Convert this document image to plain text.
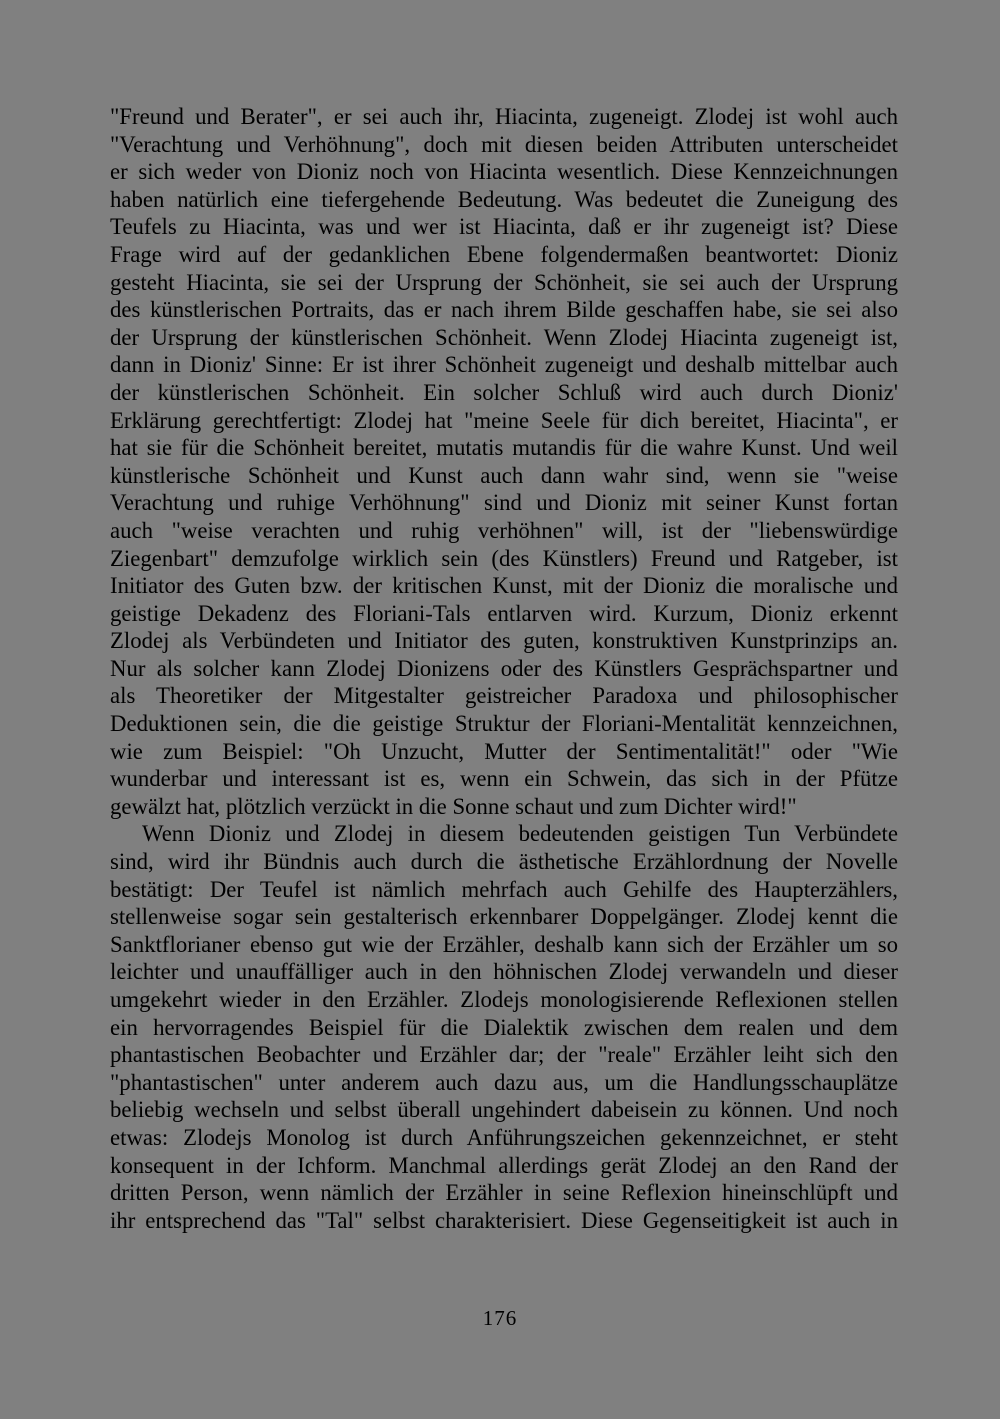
"Freund und Berater", er sei auch ihr, Hiacinta, zugeneigt. Zlodej ist wohl auch
"Verachtung und Verhöhnung", doch mit diesen beiden Attributen unterscheidet
er sich weder von Dioniz noch von Hiacinta wesentlich. Diese Kennzeichnungen
haben natürlich eine tiefergehende Bedeutung. Was bedeutet die Zuneigung des
Teufels zu Hiacinta, was und wer ist Hiacinta, daß er ihr zugeneigt ist? Diese
Frage wird auf der gedanklichen Ebene folgendermaßen beantwortet: Dioniz
gesteht Hiacinta, sie sei der Ursprung der Schönheit, sie sei auch der Ursprung
des künstlerischen Portraits, das er nach ihrem Bilde geschaffen habe, sie sei also
der Ursprung der künstlerischen Schönheit. Wenn Zlodej Hiacinta zugeneigt ist,
dann in Dioniz' Sinne: Er ist ihrer Schönheit zugeneigt und deshalb mittelbar auch
der künstlerischen Schönheit. Ein solcher Schluß wird auch durch Dioniz'
Erklärung gerechtfertigt: Zlodej hat "meine Seele für dich bereitet, Hiacinta", er
hat sie für die Schönheit bereitet, mutatis mutandis für die wahre Kunst. Und weil
künstlerische Schönheit und Kunst auch dann wahr sind, wenn sie "weise
Verachtung und ruhige Verhöhnung" sind und Dioniz mit seiner Kunst fortan
auch "weise verachten und ruhig verhöhnen" will, ist der "liebenswürdige
Ziegenbart" demzufolge wirklich sein (des Künstlers) Freund und Ratgeber, ist
Initiator des Guten bzw. der kritischen Kunst, mit der Dioniz die moralische und
geistige Dekadenz des Floriani-Tals entlarven wird. Kurzum, Dioniz erkennt
Zlodej als Verbündeten und Initiator des guten, konstruktiven Kunstprinzips an.
Nur als solcher kann Zlodej Dionizens oder des Künstlers Gesprächspartner und
als Theoretiker der Mitgestalter geistreicher Paradoxa und philosophischer
Deduktionen sein, die die geistige Struktur der Floriani-Mentalität kennzeichnen,
wie zum Beispiel: "Oh Unzucht, Mutter der Sentimentalität!" oder "Wie
wunderbar und interessant ist es, wenn ein Schwein, das sich in der Pfütze
gewälzt hat, plötzlich verzückt in die Sonne schaut und zum Dichter wird!"
Wenn Dioniz und Zlodej in diesem bedeutenden geistigen Tun Verbündete
sind, wird ihr Bündnis auch durch die ästhetische Erzählordnung der Novelle
bestätigt: Der Teufel ist nämlich mehrfach auch Gehilfe des Haupterzählers,
stellenweise sogar sein gestalterisch erkennbarer Doppelgänger. Zlodej kennt die
Sanktflorianer ebenso gut wie der Erzähler, deshalb kann sich der Erzähler um so
leichter und unauffälliger auch in den höhnischen Zlodej verwandeln und dieser
umgekehrt wieder in den Erzähler. Zlodejs monologisierende Reflexionen stellen
ein hervorragendes Beispiel für die Dialektik zwischen dem realen und dem
phantastischen Beobachter und Erzähler dar; der "reale" Erzähler leiht sich den
"phantastischen" unter anderem auch dazu aus, um die Handlungsschauplätze
beliebig wechseln und selbst überall ungehindert dabeisein zu können. Und noch
etwas: Zlodejs Monolog ist durch Anführungszeichen gekennzeichnet, er steht
konsequent in der Ichform. Manchmal allerdings gerät Zlodej an den Rand der
dritten Person, wenn nämlich der Erzähler in seine Reflexion hineinschlüpft und
ihr entsprechend das "Tal" selbst charakterisiert. Diese Gegenseitigkeit ist auch in
176
